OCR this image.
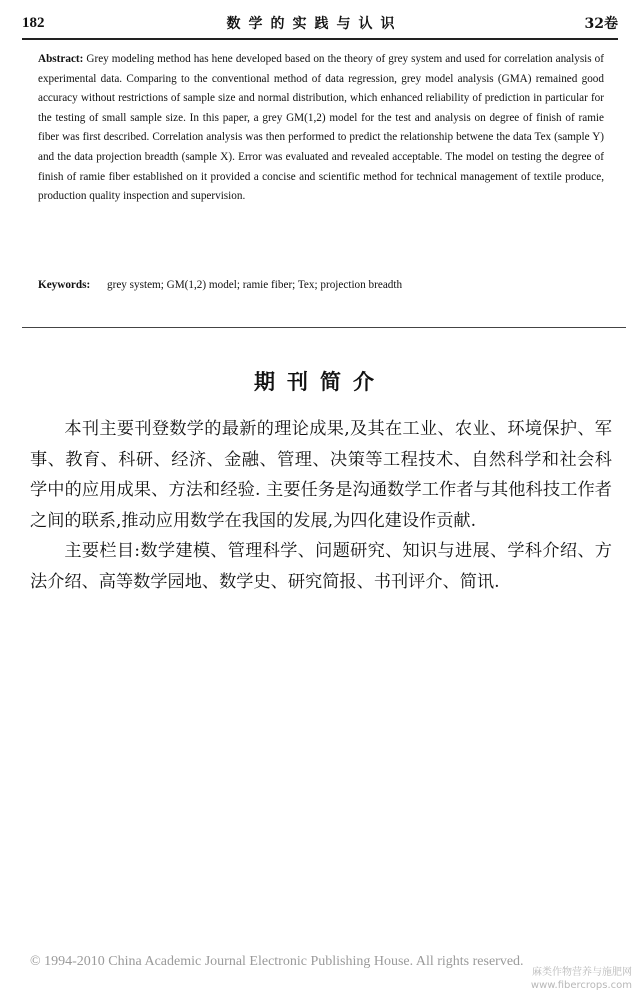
182	数学的实践与认识	32卷
Abstract: Grey modeling method has hene developed based on the theory of grey system and used for correlation analysis of experimental data. Comparing to the conventional method of data regression, grey model analysis (GMA) remained good accuracy without restrictions of sample size and normal distribution, which enhanced reliability of prediction in particular for the testing of small sample size. In this paper, a grey GM(1,2) model for the test and analysis on degree of finish of ramie fiber was first described. Correlation analysis was then performed to predict the relationship betwene the data Tex (sample Y) and the data projection breadth (sample X). Error was evaluated and revealed acceptable. The model on testing the degree of finish of ramie fiber established on it provided a concise and scientific method for technical management of textile produce, production quality inspection and supervision.
Keywords: grey system; GM(1,2) model; ramie fiber; Tex; projection breadth
期刊简介

本刊主要刊登数学的最新的理论成果,及其在工业、农业、环境保护、军事、教育、科研、经济、金融、管理、决策等工程技术、自然科学和社会科学中的应用成果、方法和经验. 主要任务是沟通数学工作者与其他科技工作者之间的联系,推动应用数学在我国的发展,为四化建设作贡献.

主要栏目:数学建模、管理科学、问题研究、知识与进展、学科介绍、方法介绍、高等数学园地、数学史、研究简报、书刊评介、简讯.

© 1994-2010 China Academic Journal Electronic Publishing House. All rights reserved.
麻类作物营养与施肥网
www.fibercrops.com
